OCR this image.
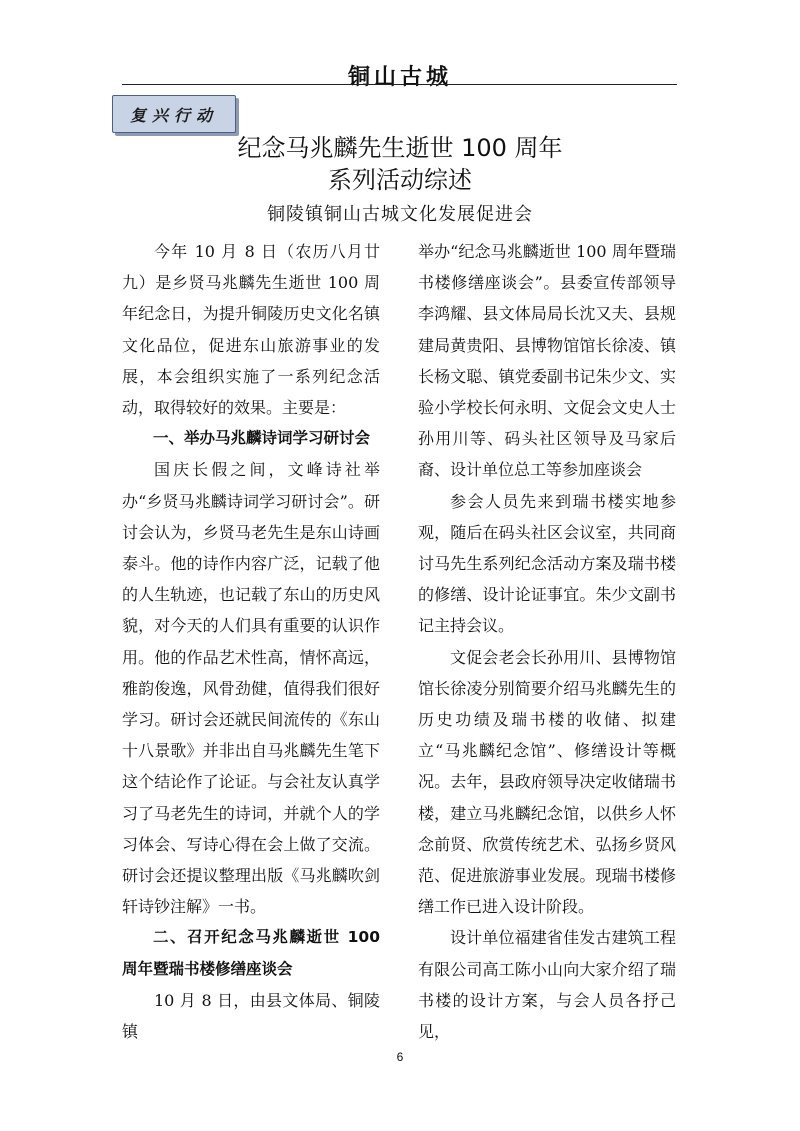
铜山古城
复兴行动
纪念马兆麟先生逝世 100 周年
系列活动综述
铜陵镇铜山古城文化发展促进会

今年 10 月 8 日（农历八月廿九）是乡贤马兆麟先生逝世 100 周年纪念日，为提升铜陵历史文化名镇文化品位，促进东山旅游事业的发展，本会组织实施了一系列纪念活动，取得较好的效果。主要是：

一、举办马兆麟诗词学习研讨会

国庆长假之间，文峰诗社举办“乡贤马兆麟诗词学习研讨会”。研讨会认为，乡贤马老先生是东山诗画泰斗。他的诗作内容广泛，记载了他的人生轨迹，也记载了东山的历史风貌，对今天的人们具有重要的认识作用。他的作品艺术性高，情怀高远，雅韵俊逸，风骨劲健，值得我们很好学习。研讨会还就民间流传的《东山十八景歌》并非出自马兆麟先生笔下这个结论作了论证。与会社友认真学习了马老先生的诗词，并就个人的学习体会、写诗心得在会上做了交流。研讨会还提议整理出版《马兆麟吹剑轩诗钞注解》一书。

二、召开纪念马兆麟逝世 100 周年暨瑞书楼修缮座谈会

10 月 8 日，由县文体局、铜陵镇

举办“纪念马兆麟逝世 100 周年暨瑞书楼修缮座谈会”。县委宣传部领导李鸿耀、县文体局局长沈又夫、县规建局黄贵阳、县博物馆馆长徐凌、镇长杨文聪、镇党委副书记朱少文、实验小学校长何永明、文促会文史人士孙用川等、码头社区领导及马家后裔、设计单位总工等参加座谈会

参会人员先来到瑞书楼实地参观，随后在码头社区会议室，共同商讨马先生系列纪念活动方案及瑞书楼的修缮、设计论证事宜。朱少文副书记主持会议。

文促会老会长孙用川、县博物馆馆长徐凌分别简要介绍马兆麟先生的历史功绩及瑞书楼的收储、拟建立“马兆麟纪念馆”、修缮设计等概况。去年，县政府领导决定收储瑞书楼，建立马兆麟纪念馆，以供乡人怀念前贤、欣赏传统艺术、弘扬乡贤风范、促进旅游事业发展。现瑞书楼修缮工作已进入设计阶段。

设计单位福建省佳发古建筑工程有限公司高工陈小山向大家介绍了瑞书楼的设计方案，与会人员各抒己见，

6
